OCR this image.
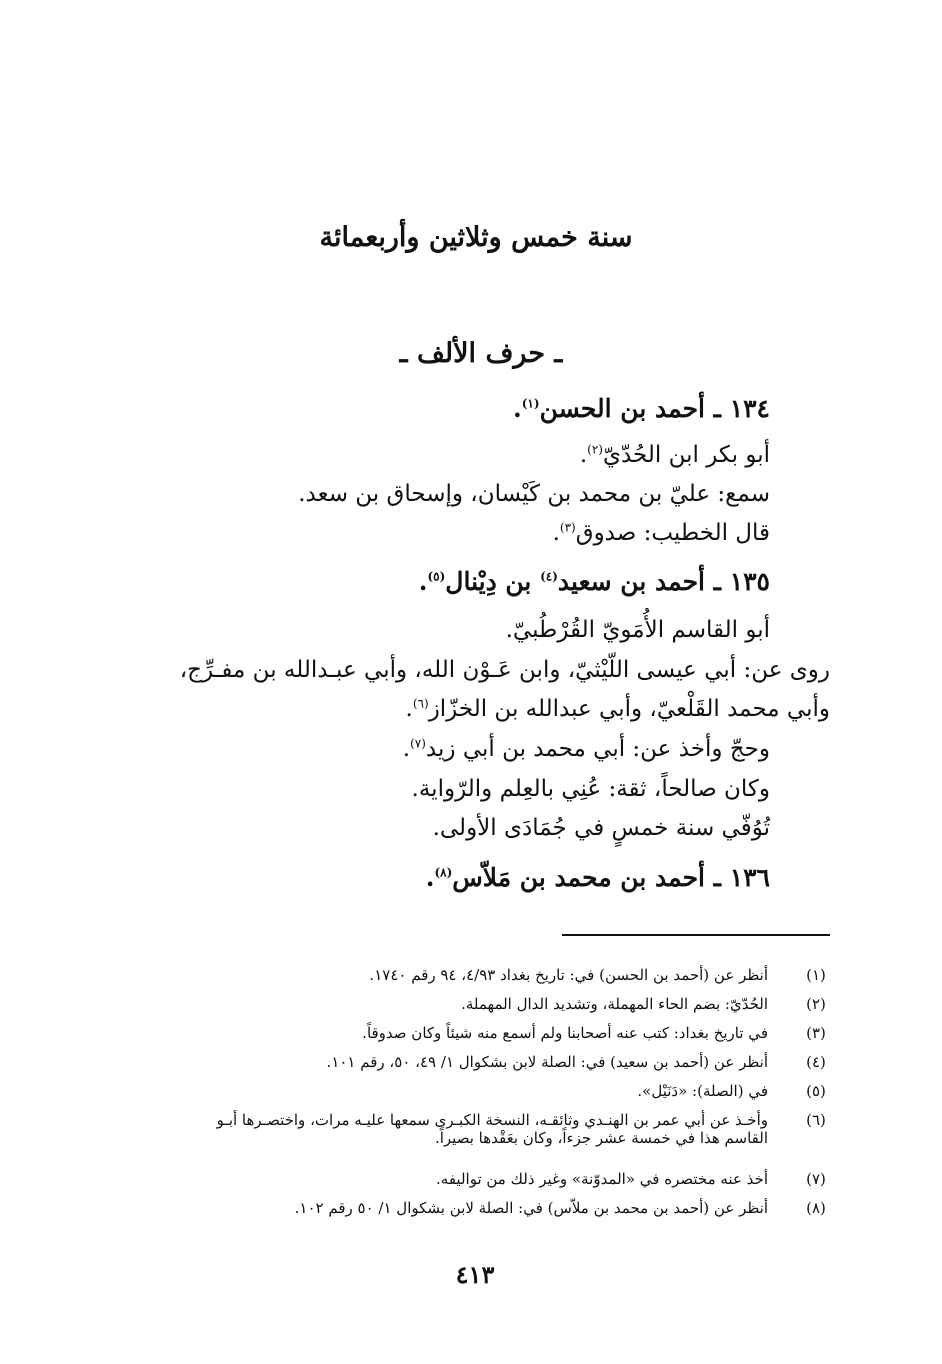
سنة خمس وثلاثين وأربعمائة
ـ حرف الألف ـ
١٣٤ ـ أحمد بن الحسن$^{(١)}$.
أبو بكر ابن الحُدّيّ$^{(٢)}$.
سمع: عليّ بن محمد بن كَيْسان، وإسحاق بن سعد.
قال الخطيب: صدوق$^{(٣)}$.
١٣٥ ـ أحمد بن سعيد$^{(٤)}$ بن دِيْنال$^{(٥)}$.
أبو القاسم الأُمَويّ القُرْطُبيّ.
روى عن: أبي عيسى اللّيْثيّ، وابن عَـوْن الله، وأبي عبـدالله بن مفـرِّج،
وأبي محمد القَلْعيّ، وأبي عبدالله بن الخزّاز$^{(٦)}$.
وحجّ وأخذ عن: أبي محمد بن أبي زيد$^{(٧)}$.
وكان صالحاً، ثقة: عُنِي بالعِلم والرّواية.
تُوُفّي سنة خمسٍ في جُمَادَى الأولى.
١٣٦ ـ أحمد بن محمد بن مَلاّس$^{(٨)}$.
(١)
أنظر عن (أحمد بن الحسن) في: تاريخ بغداد ٤/٩٣، ٩٤ رقم ١٧٤٠.
(٢)
الحُدّيّ: بضم الحاء المهملة، وتشديد الدال المهملة.
(٣)
في تاريخ بغداد: كتب عنه أصحابنا ولم أسمع منه شيئاً وكان صدوقاً.
(٤)
أنظر عن (أحمد بن سعيد) في: الصلة لابن بشكوال ١/ ٤٩، ٥٠، رقم ١٠١.
(٥)
في (الصلة): «دَنَيْل».
(٦)
وأخـذ عن أبي عمر بن الهنـدي وثائقـه، النسخة الكبـرى سمعها عليـه مرات، واختصـرها أبـو
القاسم هذا في خمسة عشر جزءاً، وكان بعَقْدها بصيراً.
(٧)
أخذ عنه مختصره في «المدوّنة» وغير ذلك من تواليفه.
(٨)
أنظر عن (أحمد بن محمد بن ملاّس) في: الصلة لابن بشكوال ١/ ٥٠ رقم ١٠٢.
٤١٣
